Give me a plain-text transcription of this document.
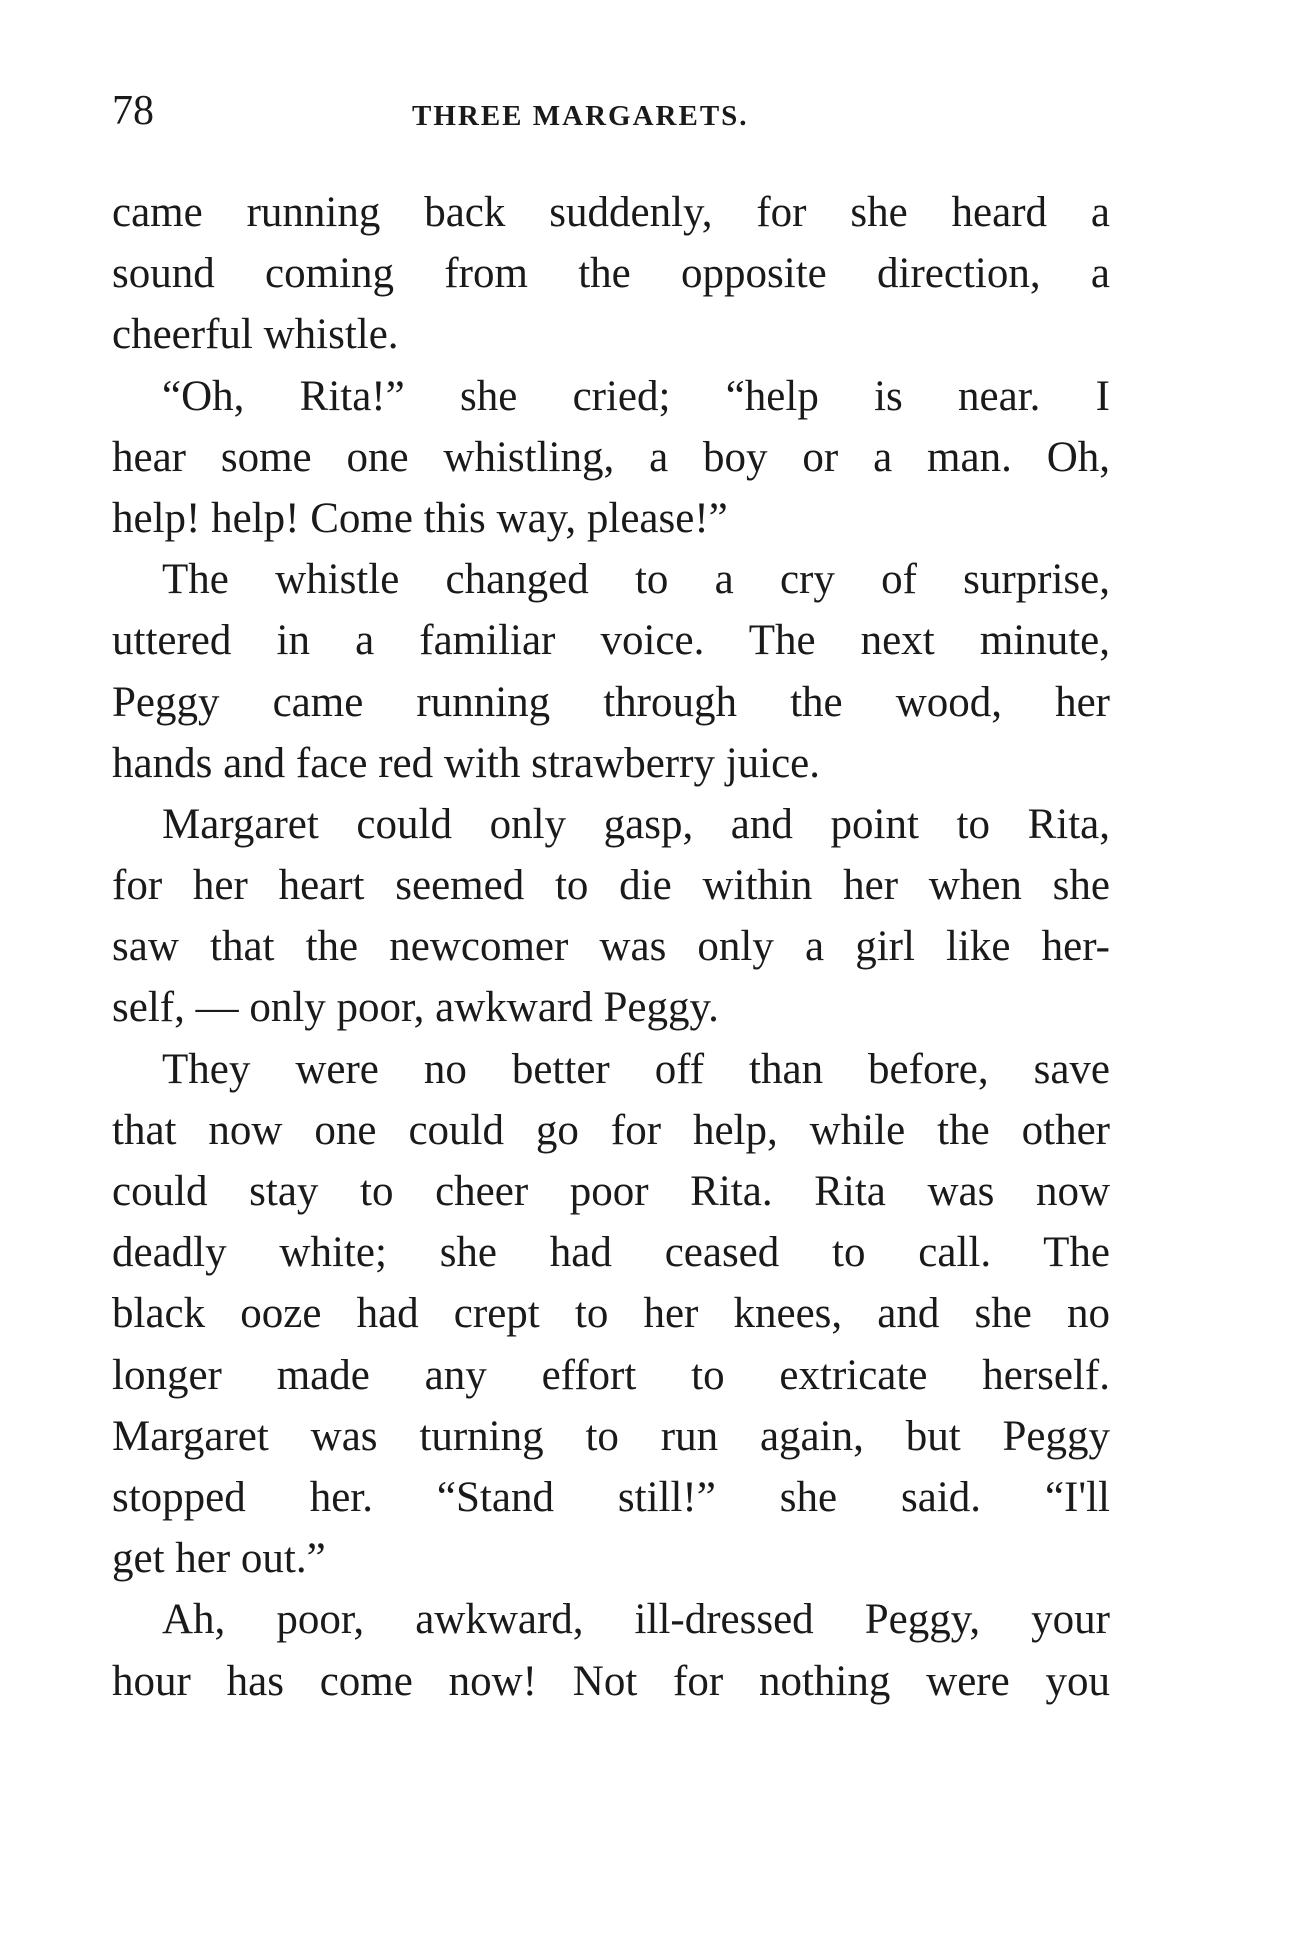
78	THREE MARGARETS.
came running back suddenly, for she heard a
sound coming from the opposite direction, a
cheerful whistle.
“Oh, Rita!” she cried; “help is near. I
hear some one whistling, a boy or a man. Oh,
help! help! Come this way, please!”
The whistle changed to a cry of surprise,
uttered in a familiar voice. The next minute,
Peggy came running through the wood, her
hands and face red with strawberry juice.
Margaret could only gasp, and point to Rita,
for her heart seemed to die within her when she
saw that the newcomer was only a girl like her-
self, — only poor, awkward Peggy.
They were no better off than before, save
that now one could go for help, while the other
could stay to cheer poor Rita. Rita was now
deadly white; she had ceased to call. The
black ooze had crept to her knees, and she no
longer made any effort to extricate herself.
Margaret was turning to run again, but Peggy
stopped her. “Stand still!” she said. “I'll
get her out.”
Ah, poor, awkward, ill-dressed Peggy, your
hour has come now! Not for nothing were you
